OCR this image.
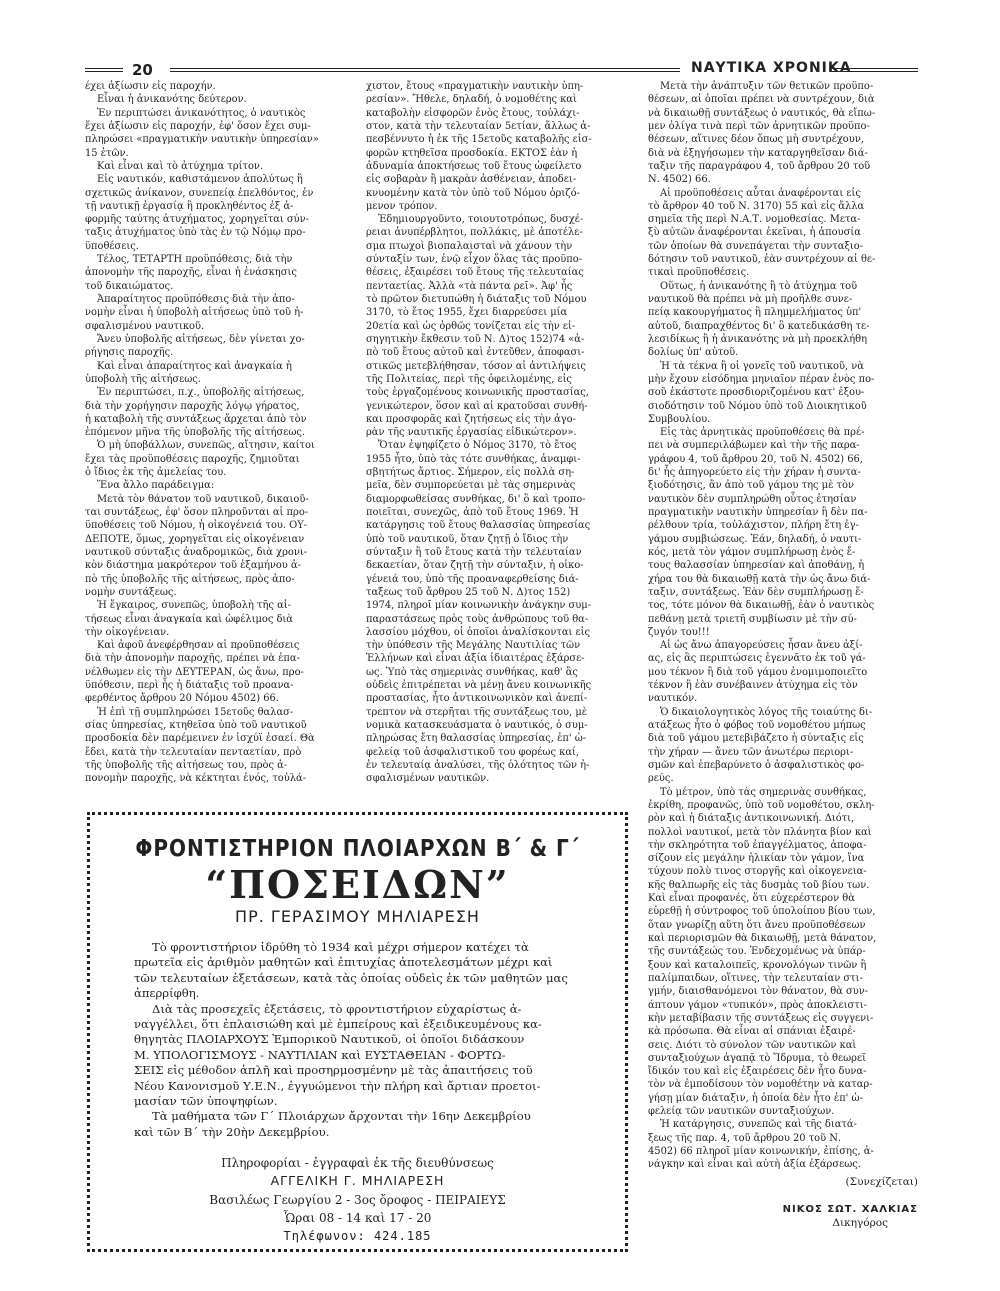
20	ΝΑΥΤΙΚΑ ΧΡΟΝΙΚΑ

έχει ἀξίωσιν εἰς παροχήν.

Εἶναι ἡ ἀνικανότης δεύτερον.

Ἐν περιπτώσει ἀνικανότητος, ὁ ναυτικὸς
ἔχει ἀξίωσιν εἰς παροχήν, ἐφ' ὅσον ἔχει συμ-
πληρώσει «πραγματικὴν ναυτικὴν ὑπηρεσίαν»
15 ἐτῶν.

Καὶ εἶναι καὶ τὸ ἀτύχημα τρίτον.

Εἰς ναυτικόν, καθιστάμενον ἀπολύτως ἢ
σχετικῶς ἀνίκανον, συνεπείᾳ ἐπελθόντος, ἐν
τῇ ναυτικῇ ἐργασίᾳ ἢ προκληθέντος ἐξ ἀ-
φορμῆς ταύτης ἀτυχήματος, χορηγεῖται σύν-
ταξις ἀτυχήματος ὑπὸ τὰς ἐν τῷ Νόμῳ προ-
ϋποθέσεις.

Τέλος, ΤΕΤΑΡΤΗ προϋπόθεσις, διὰ τὴν
ἀπονομὴν τῆς παροχῆς, εἶναι ἡ ἐνάσκησις
τοῦ δικαιώματος.

Ἀπαραίτητος προϋπόθεσις διὰ τὴν ἀπο-
νομὴν εἶναι ἡ ὑποβολὴ αἰτήσεως ὑπὸ τοῦ ἠ-
σφαλισμένου ναυτικοῦ.

Ἄνευ ὑποβολῆς αἰτήσεως, δὲν γίνεται χο-
ρήγησις παροχῆς.

Καὶ εἶναι ἀπαραίτητος καὶ ἀναγκαία ἡ
ὑποβολὴ τῆς αἰτήσεως.

Ἐν περιπτώσει, π.χ., ὑποβολῆς αἰτήσεως,
διὰ τὴν χορήγησιν παροχῆς λόγῳ γήρατος,
ἡ καταβολὴ τῆς συντάξεως ἄρχεται ἀπὸ τὸν
ἑπόμενον μῆνα τῆς ὑποβολῆς τῆς αἰτήσεως.

Ὁ μὴ ὑποβάλλων, συνεπῶς, αἴτησιν, καίτοι
ἔχει τὰς προϋποθέσεις παροχῆς, ζημιοῦται
ὁ ἴδιος ἐκ τῆς ἀμελείας του.

Ἕνα ἄλλο παράδειγμα:

Μετὰ τὸν θάνατον τοῦ ναυτικοῦ, δικαιοῦ-
ται συντάξεως, ἐφ' ὅσον πληροῦνται αἱ προ-
ϋποθέσεις τοῦ Νόμου, ἡ οἰκογένειά του. ΟΥ-
ΔΕΠΟΤΕ, ὅμως, χορηγεῖται εἰς οἰκογένειαν
ναυτικοῦ σύνταξις ἀναδρομικῶς, διὰ χρονι-
κὸν διάστημα μακρότερον τοῦ ἑξαμήνου ἀ-
πὸ τῆς ὑποβολῆς τῆς αἰτήσεως, πρὸς ἀπο-
νομὴν συντάξεως.

Ἡ ἔγκαιρος, συνεπῶς, ὑποβολὴ τῆς αἰ-
τήσεως εἶναι ἀναγκαία καὶ ὠφέλιμος διὰ
τὴν οἰκογένειαν.

Καὶ ἀφοῦ ἀνεφέρθησαν αἱ προϋποθέσεις
διὰ τὴν ἀπονομὴν παροχῆς, πρέπει νὰ ἐπα-
νέλθωμεν εἰς τὴν ΔΕΥΤΕΡΑΝ, ὡς ἄνω, προ-
ϋπόθεσιν, περὶ ἧς ἡ διάταξις τοῦ προανα-
φερθέντος ἄρθρου 20 Νόμου 4502) 66.

Ἡ ἐπὶ τῇ συμπληρώσει 15ετοῦς θαλασ-
σίας ὑπηρεσίας, κτηθεῖσα ὑπὸ τοῦ ναυτικοῦ
προσδοκία δὲν παρέμεινεν ἐν ἰσχύϊ ἐσαεί. Θὰ
ἔδει, κατὰ τὴν τελευταίαν πενταετίαν, πρὸ
τῆς ὑποβολῆς τῆς αἰτήσεως του, πρὸς ἀ-
πονομὴν παροχῆς, νὰ κέκτηται ἐνός, τοὐλά-

χιστον, ἔτους «πραγματικὴν ναυτικὴν ὑπη-
ρεσίαν». Ἤθελε, δηλαδή, ὁ νομοθέτης καὶ
καταβολὴν εἰσφορῶν ἑνὸς ἔτους, τοὐλάχι-
στον, κατὰ τὴν τελευταίαν 5ετίαν, ἄλλως ἀ-
πεσβέννυτο ἡ ἐκ τῆς 15ετοῦς καταβολῆς εἰσ-
φορῶν κτηθεῖσα προσδοκία. ΕΚΤΟΣ ἐὰν ἡ
ἀδυναμία ἀποκτήσεως τοῦ ἔτους ὠφείλετο
εἰς σοβαρὰν ἢ μακρὰν ἀσθένειαν, ἀποδει-
κνυομένην κατὰ τὸν ὑπὸ τοῦ Νόμου ὁριζό-
μενον τρόπον.

Ἐδημιουργοῦντο, τοιουτοτρόπως, δυσχέ-
ρειαι ἀνυπέρβλητοι, πολλάκις, μὲ ἀποτέλε-
σμα πτωχοὶ βιοπαλαισταὶ νὰ χάνουν τὴν
σύνταξίν των, ἐνῷ εἶχον ὅλας τὰς προϋπο-
θέσεις, ἐξαιρέσει τοῦ ἔτους τῆς τελευταίας
πενταετίας. Ἀλλὰ «τὰ πάντα ρεῖ». Ἀφ' ἧς
τὸ πρῶτον διετυπώθη ἡ διάταξις τοῦ Νόμου
3170, τὸ ἔτος 1955, ἔχει διαρρεύσει μία
20ετία καὶ ὡς ὀρθῶς τονίζεται εἰς τὴν εἰ-
σηγητικὴν ἔκθεσιν τοῦ Ν. Δ)τος 152)74 «ἀ-
πὸ τοῦ ἔτους αὐτοῦ καὶ ἐντεῦθεν, ἀποφασι-
στικῶς μετεβλήθησαν, τόσον αἱ ἀντιλήψεις
τῆς Πολιτείας, περὶ τῆς ὀφειλομένης, εἰς
τοὺς ἐργαζομένους κοινωνικῆς προστασίας,
γενικώτερον, ὅσον καὶ αἱ κρατοῦσαι συνθή-
και προσφορᾶς καὶ ζητήσεως εἰς τὴν ἀγο-
ρὰν τῆς ναυτικῆς ἐργασίας εἰδικώτερον».

Ὅταν ἐψηφίζετο ὁ Νόμος 3170, τὸ ἔτος
1955 ἦτο, ὑπὸ τὰς τότε συνθήκας, ἀναμφι-
σβητήτως ἄρτιος. Σήμερον, εἰς πολλὰ ση-
μεῖα, δὲν συμπορεύεται μὲ τὰς σημερινὰς
διαμορφωθείσας συνθήκας, δι' ὃ καὶ τροπο-
ποιεῖται, συνεχῶς, ἀπὸ τοῦ ἔτους 1969. Ἡ
κατάργησις τοῦ ἔτους θαλασσίας ὑπηρεσίας
ὑπὸ τοῦ ναυτικοῦ, ὅταν ζητῇ ὁ ἴδιος τὴν
σύνταξιν ἢ τοῦ ἔτους κατὰ τὴν τελευταίαν
δεκαετίαν, ὅταν ζητῇ τὴν σύνταξιν, ἡ οἰκο-
γένειά του, ὑπὸ τῆς προαναφερθείσης διά-
ταξεως τοῦ ἄρθρου 25 τοῦ Ν. Δ)τος 152)
1974, πληροῖ μίαν κοινωνικὴν ἀνάγκην συμ-
παραστάσεως πρὸς τοὺς ἀνθρώπους τοῦ θα-
λασσίου μόχθου, οἱ ὁποῖοι ἀναλίσκονται εἰς
τὴν ὑπόθεσιν τῆς Μεγάλης Ναυτιλίας τῶν
Ἑλλήνων καὶ εἶναι ἀξία ἰδιαιτέρας ἐξάρσε-
ως. Ὑπὸ τὰς σημερινὰς συνθήκας, καθ' ἃς
οὐδεὶς ἐπιτρέπεται νὰ μένῃ ἄνευ κοινωνικῆς
προστασίας, ἦτο ἀντικοινωνικὸν καὶ ἀνεπί-
τρεπτον νὰ στερῆται τῆς συντάξεως του, μὲ
νομικὰ κατασκευάσματα ὁ ναυτικός, ὁ συμ-
πληρώσας ἔτη θαλασσίας ὑπηρεσίας, ἐπ' ὠ-
φελείᾳ τοῦ ἀσφαλιστικοῦ του φορέως καί,
ἐν τελευταίᾳ ἀναλύσει, τῆς ὁλότητος τῶν ἠ-
σφαλισμένων ναυτικῶν.

Μετὰ τὴν ἀνάπτυξιν τῶν θετικῶν προϋπο-
θέσεων, αἱ ὁποῖαι πρέπει νὰ συντρέχουν, διὰ
νὰ δικαιωθῇ συντάξεως ὁ ναυτικός, θὰ εἴπω-
μεν ὀλίγα τινὰ περὶ τῶν ἀρνητικῶν προϋπο-
θέσεων, αἵτινες δέον ὅπως μὴ συντρέχουν,
διὰ νὰ ἐξηγήσωμεν τὴν καταργηθεῖσαν διά-
ταξιν τῆς παραγράφου 4, τοῦ ἄρθρου 20 τοῦ
Ν. 4502) 66.

Αἱ προϋποθέσεις αὗται ἀναφέρονται εἰς
τὸ ἄρθρον 40 τοῦ Ν. 3170) 55 καὶ εἰς ἄλλα
σημεῖα τῆς περὶ Ν.Α.Τ. νομοθεσίας. Μετα-
ξὺ αὐτῶν ἀναφέρονται ἐκεῖναι, ἡ ἀπουσία
τῶν ὁποίων θὰ συνεπάγεται τὴν συνταξιο-
δότησιν τοῦ ναυτικοῦ, ἐὰν συντρέχουν αἱ θε-
τικαὶ προϋποθέσεις.

Οὕτως, ἡ ἀνικανότης ἢ τὸ ἀτύχημα τοῦ
ναυτικοῦ θὰ πρέπει νὰ μὴ προῆλθε συνε-
πείᾳ κακουργήματος ἢ πλημμελήματος ὑπ'
αὐτοῦ, διαπραχθέντος δι' ὃ κατεδικάσθη τε-
λεσιδίκως ἢ ἡ ἀνικανότης νὰ μὴ προεκλήθη
δολίως ὑπ' αὐτοῦ.

Ἡ τὰ τέκνα ἢ οἱ γονεῖς τοῦ ναυτικοῦ, νὰ
μὴν ἔχουν εἰσόδημα μηνιαῖον πέραν ἑνὸς πο-
σοῦ ἑκάστοτε προσδιοριζομένου κατ' ἐξου-
σιοδότησιν τοῦ Νόμου ὑπὸ τοῦ Διοικητικοῦ
Συμβουλίου.

Εἰς τὰς ἀρνητικὰς προϋποθέσεις θὰ πρέ-
πει νὰ συμπεριλάβωμεν καὶ τὴν τῆς παρα-
γράφου 4, τοῦ ἄρθρου 20, τοῦ Ν. 4502) 66,
δι' ἧς ἀπηγορεύετο εἰς τὴν χήραν ἡ συντα-
ξιοδότησις, ἂν ἀπὸ τοῦ γάμου της μὲ τὸν
ναυτικὸν δὲν συμπληρώθη οὗτος ἐτησίαν
πραγματικὴν ναυτικὴν ὑπηρεσίαν ἢ δὲν πα-
ρέλθουν τρία, τοὐλάχιστον, πλήρη ἔτη ἐγ-
γάμου συμβιώσεως. Ἐάν, δηλαδή, ὁ ναυτι-
κός, μετὰ τὸν γάμον συμπλήρωσῃ ἑνὸς ἔ-
τους θαλασσίαν ὑπηρεσίαν καὶ ἀποθάνῃ, ἡ
χήρα του θὰ δικαιωθῇ κατὰ τὴν ὡς ἄνω διά-
ταξιν, συντάξεως. Ἐὰν δὲν συμπλήρωσῃ ἔ-
τος, τότε μόνον θὰ δικαιωθῇ, ἐὰν ὁ ναυτικὸς
πεθάνῃ μετὰ τριετῆ συμβίωσιν μὲ τὴν σύ-
ζυγόν του!!!

Αἱ ὡς ἄνω ἀπαγορεύσεις ἦσαν ἄνευ ἀξί-
ας, εἰς ἃς περιπτώσεις ἐγεννᾶτο ἐκ τοῦ γά-
μου τέκνον ἢ διὰ τοῦ γάμου ἐνομιμοποιεῖτο
τέκνον ἢ ἐὰν συνέβαινεν ἀτύχημα εἰς τὸν
ναυτικόν.

Ὁ δικαιολογητικὸς λόγος τῆς τοιαύτης δι-
ατάξεως ἦτο ὁ φόβος τοῦ νομοθέτου μήπως
διὰ τοῦ γάμου μετεβιβάζετο ἡ σύνταξις εἰς
τὴν χήραν — ἄνευ τῶν ἀνωτέρω περιορι-
σμῶν καὶ ἐπεβαρύνετο ὁ ἀσφαλιστικὸς φο-
ρεύς.

Τὸ μέτρον, ὑπὸ τὰς σημερινὰς συνθήκας,
ἐκρίθη, προφανῶς, ὑπὸ τοῦ νομοθέτου, σκλη-
ρὸν καὶ ἡ διάταξις ἀντικοινωνική. Διότι,
πολλοὶ ναυτικοί, μετὰ τὸν πλάνητα βίον καὶ
τὴν σκληρότητα τοῦ ἐπαγγέλματος, ἀποφα-
σίζουν εἰς μεγάλην ἡλικίαν τὸν γάμον, ἵνα
τύχουν πολὺ τινος στοργῆς καὶ οἰκογενεια-
κῆς θαλπωρῆς εἰς τὰς δυσμὰς τοῦ βίου των.
Καὶ εἶναι προφανές, ὅτι εὐχερέστερον θὰ
εὑρεθῇ ἡ σύντροφος τοῦ ὑπολοίπου βίου των,
ὅταν γνωρίζῃ αὕτη ὅτι ἄνευ προϋποθέσεων
καὶ περιορισμῶν θὰ δικαιωθῇ, μετὰ θάνατον,
τῆς συντάξεώς του. Ἐνδεχομένως νὰ ὑπάρ-
ξουν καὶ καταλοιπεῖς, κρονολόγων τινῶν ἢ
παλίμπαιδων, οἵτινες, τὴν τελευταίαν στι-
γμήν, διαισθανόμενοι τὸν θάνατον, θὰ συν-
άπτουν γάμον «τυπικόν», πρὸς ἀποκλειστι-
κὴν μεταβίβασιν τῆς συντάξεως εἰς συγγενι-
κὰ πρόσωπα. Θὰ εἶναι αἱ σπάνιαι ἐξαιρέ-
σεις. Διότι τὸ σύνολον τῶν ναυτικῶν καὶ
συνταξιούχων ἀγαπᾷ τὸ Ἵδρυμα, τὸ θεωρεῖ
ἴδικόν του καὶ εἰς ἐξαιρέσεις δὲν ἦτο δυνα-
τὸν νὰ ἐμποδίσουν τὸν νομοθέτην νὰ καταρ-
γήσῃ μίαν διάταξιν, ἡ ὁποία δὲν ἦτο ἐπ' ὠ-
φελείᾳ τῶν ναυτικῶν συνταξιούχων.

Ἡ κατάργησις, συνεπῶς καὶ τῆς διατά-
ξεως τῆς παρ. 4, τοῦ ἄρθρου 20 τοῦ Ν.
4502) 66 πληροῖ μίαν κοινωνικήν, ἐπίσης, ἀ-
νάγκην καὶ εἶναι καὶ αὐτὴ ἀξία ἐξάρσεως.

(Συνεχίζεται)
ΝΙΚΟΣ ΣΩΤ. ΧΑΛΚΙΑΣ
Δικηγόρος
ΦΡΟΝΤΙΣΤΗΡΙΟΝ ΠΛΟΙΑΡΧΩΝ Β΄ & Γ΄
“ΠΟΣΕΙΔΩΝ”
ΠΡ. ΓΕΡΑΣΙΜΟΥ ΜΗΛΙΑΡΕΣΗ

Τὸ φροντιστήριον ἱδρύθη τὸ 1934 καὶ μέχρι σήμερον κατέχει τὰ
πρωτεῖα εἰς ἀριθμὸν μαθητῶν καὶ ἐπιτυχίας ἀποτελεσμάτων μέχρι καὶ
τῶν τελευταίων ἐξετάσεων, κατὰ τὰς ὁποίας οὐδεὶς ἐκ τῶν μαθητῶν μας
ἀπερρίφθη.

Διὰ τὰς προσεχεῖς ἐξετάσεις, τὸ φροντιστήριον εὐχαρίστως ἀ-
ναγγέλλει, ὅτι ἐπλαισιώθη καὶ μὲ ἐμπείρους καὶ ἐξειδικευμένους κα-
θηγητὰς ΠΛΟΙΑΡΧΟΥΣ Ἐμπορικοῦ Ναυτικοῦ, οἱ ὁποῖοι διδάσκουν
Μ. ΥΠΟΛΟΓΙΣΜΟΥΣ - ΝΑΥΤΙΛΙΑΝ καὶ ΕΥΣΤΑΘΕΙΑΝ - ΦΟΡΤΩ-
ΣΕΙΣ εἰς μέθοδον ἁπλῆ καὶ προσηρμοσμένην μὲ τὰς ἀπαιτήσεις τοῦ
Νέου Κανονισμοῦ Υ.Ε.Ν., ἐγγυώμενοι τὴν πλήρη καὶ ἄρτιαν προετοι-
μασίαν τῶν ὑποψηφίων.

Τὰ μαθήματα τῶν Γ΄ Πλοιάρχων ἄρχονται τὴν 16ην Δεκεμβρίου
καὶ τῶν Β΄ τὴν 20ὴν Δεκεμβρίου.

Πληροφορίαι - ἐγγραφαὶ ἐκ τῆς διευθύνσεως
ΑΓΓΕΛΙΚΗ Γ. ΜΗΛΙΑΡΕΣΗ
Βασιλέως Γεωργίου 2 - 3ος ὄροφος - ΠΕΙΡΑΙΕΥΣ
Ὧραι 08 - 14 καὶ 17 - 20
Τηλέφωνον: 424.185
